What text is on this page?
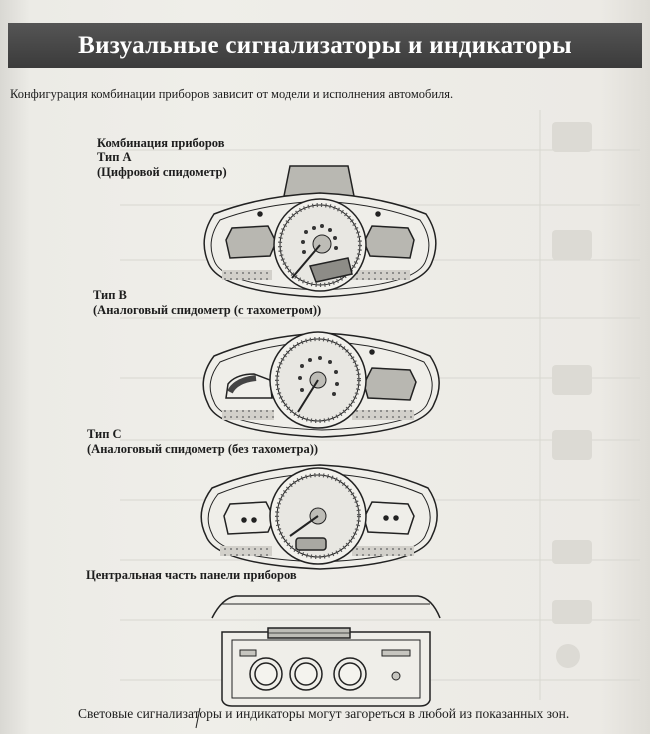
Визуальные сигнализаторы и индикаторы
Конфигурация комбинации приборов зависит от модели и исполнения автомобиля.
Комбинация приборов
Тип А
(Цифровой спидометр)
Тип В
(Аналоговый спидометр (с тахометром))
Тип С
(Аналоговый спидометр (без тахометра))
Центральная часть панели приборов
Световые сигнализаторы и индикаторы могут загореться в любой из показанных зон.
